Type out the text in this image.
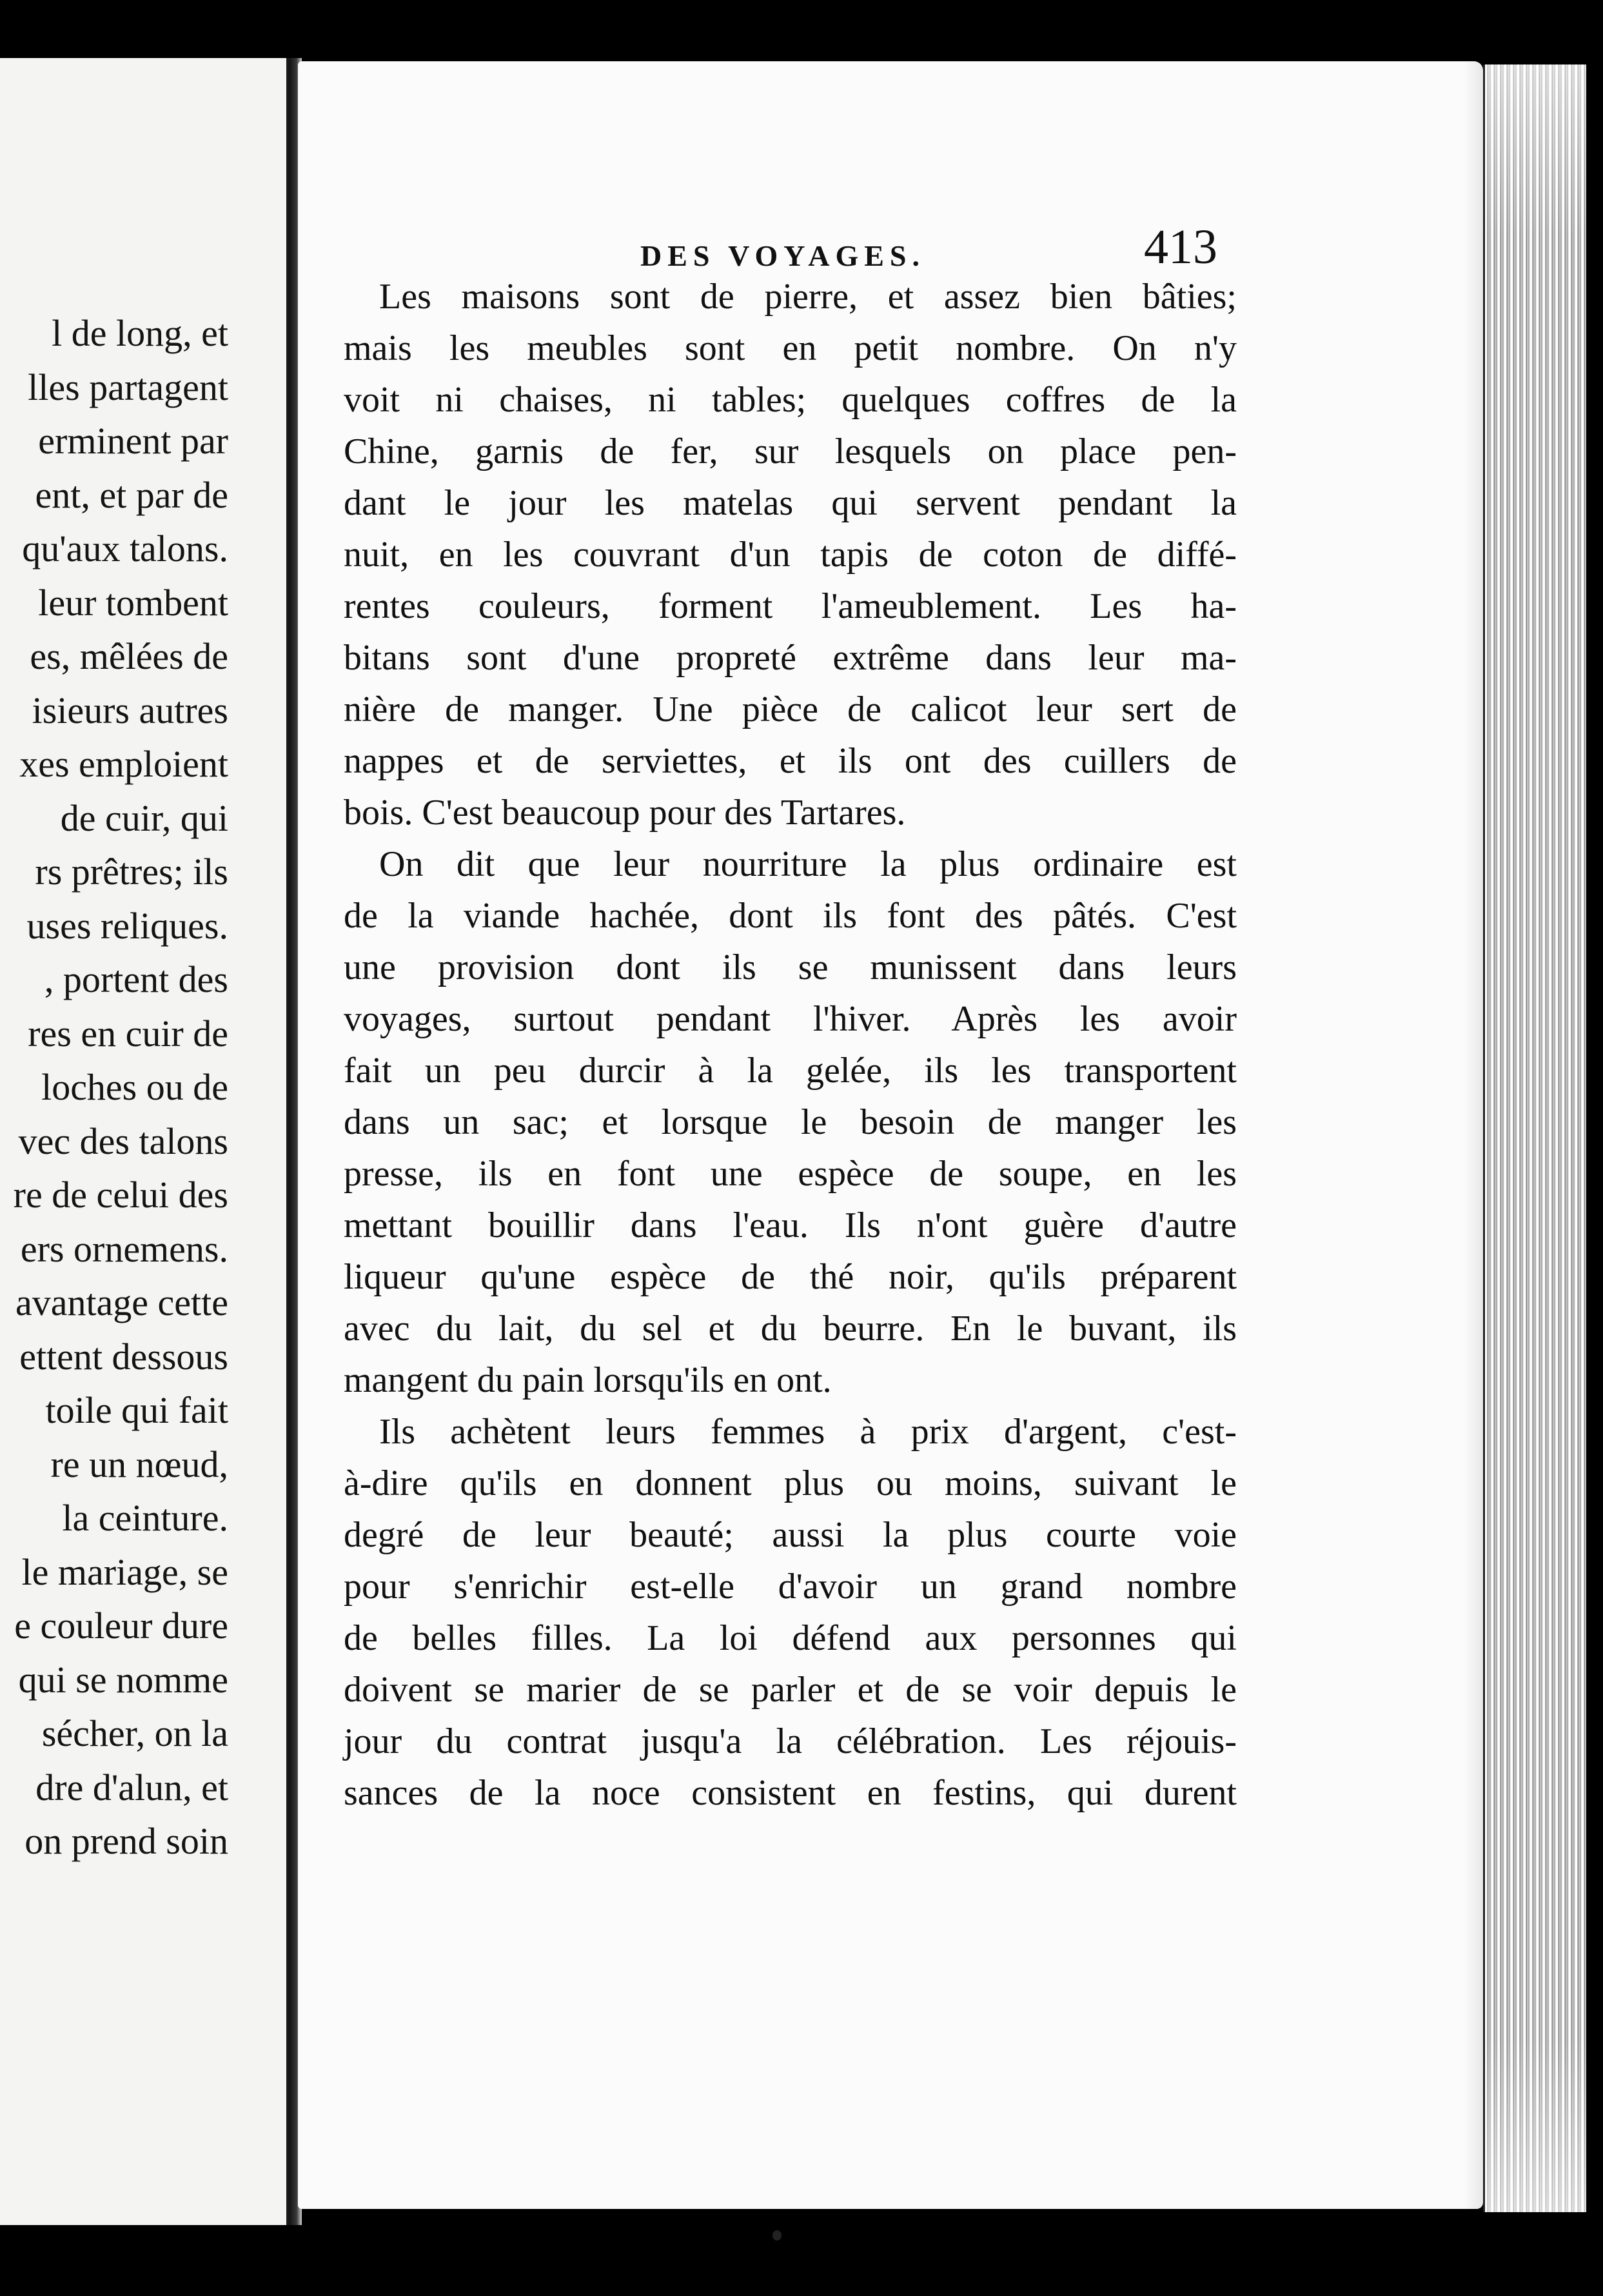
l de long, et
lles partagent
erminent par
ent, et par de
qu'aux talons.
leur tombent
es, mêlées de
isieurs autres
xes emploient
de cuir, qui
rs prêtres; ils
uses reliques.
, portent des
res en cuir de
loches ou de
vec des talons
re de celui des
ers ornemens.
avantage cette
ettent dessous
toile qui fait
re un nœud,
la ceinture.
le mariage, se
e couleur dure
qui se nomme
sécher, on la
dre d'alun, et
on prend soin
DES VOYAGES.	413
Les maisons sont de pierre, et assez bien bâties;
mais les meubles sont en petit nombre. On n'y
voit ni chaises, ni tables; quelques coffres de la
Chine, garnis de fer, sur lesquels on place pen-
dant le jour les matelas qui servent pendant la
nuit, en les couvrant d'un tapis de coton de diffé-
rentes couleurs, forment l'ameublement. Les ha-
bitans sont d'une propreté extrême dans leur ma-
nière de manger. Une pièce de calicot leur sert de
nappes et de serviettes, et ils ont des cuillers de
bois. C'est beaucoup pour des Tartares.
On dit que leur nourriture la plus ordinaire est
de la viande hachée, dont ils font des pâtés. C'est
une provision dont ils se munissent dans leurs
voyages, surtout pendant l'hiver. Après les avoir
fait un peu durcir à la gelée, ils les transportent
dans un sac; et lorsque le besoin de manger les
presse, ils en font une espèce de soupe, en les
mettant bouillir dans l'eau. Ils n'ont guère d'autre
liqueur qu'une espèce de thé noir, qu'ils préparent
avec du lait, du sel et du beurre. En le buvant, ils
mangent du pain lorsqu'ils en ont.
Ils achètent leurs femmes à prix d'argent, c'est-
à-dire qu'ils en donnent plus ou moins, suivant le
degré de leur beauté; aussi la plus courte voie
pour s'enrichir est-elle d'avoir un grand nombre
de belles filles. La loi défend aux personnes qui
doivent se marier de se parler et de se voir depuis le
jour du contrat jusqu'a la célébration. Les réjouis-
sances de la noce consistent en festins, qui durent
